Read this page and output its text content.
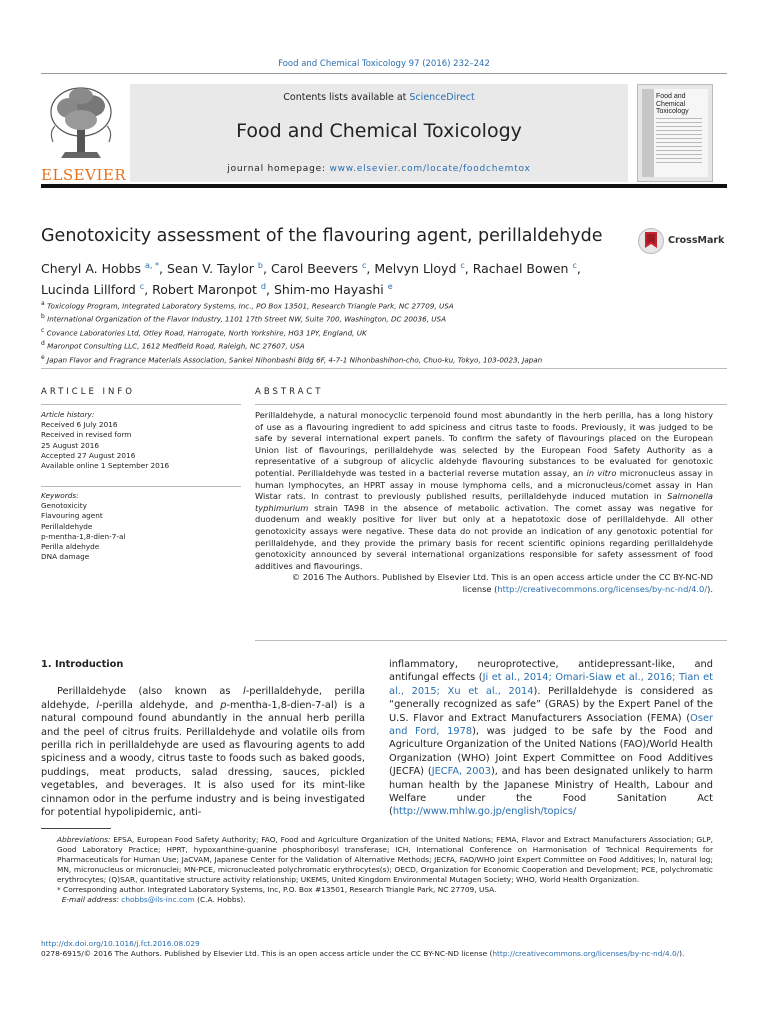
Food and Chemical Toxicology 97 (2016) 232–242
ELSEVIER
Contents lists available at ScienceDirect
Food and Chemical Toxicology
journal homepage: www.elsevier.com/locate/foodchemtox
Food and
Chemical
Toxicology
Genotoxicity assessment of the flavouring agent, perillaldehyde	CrossMark
Cheryl A. Hobbs $^{a, *}$, Sean V. Taylor $^b$, Carol Beevers $^c$, Melvyn Lloyd $^c$, Rachael Bowen $^c$,
Lucinda Lillford $^c$, Robert Maronpot $^d$, Shim-mo Hayashi $^e$
$^a$ Toxicology Program, Integrated Laboratory Systems, Inc., PO Box 13501, Research Triangle Park, NC 27709, USA
$^b$ International Organization of the Flavor Industry, 1101 17th Street NW, Suite 700, Washington, DC 20036, USA
$^c$ Covance Laboratories Ltd, Otley Road, Harrogate, North Yorkshire, HG3 1PY, England, UK
$^d$ Maronpot Consulting LLC, 1612 Medfield Road, Raleigh, NC 27607, USA
$^e$ Japan Flavor and Fragrance Materials Association, Sankei Nihonbashi Bldg 6F, 4-7-1 Nihonbashihon-cho, Chuo-ku, Tokyo, 103-0023, Japan
ARTICLE INFO
Article history:
Received 6 July 2016
Received in revised form
25 August 2016
Accepted 27 August 2016
Available online 1 September 2016
Keywords:
Genotoxicity
Flavouring agent
Perillaldehyde
p-mentha-1,8-dien-7-al
Perilla aldehyde
DNA damage
ABSTRACT

Perillaldehyde, a natural monocyclic terpenoid found most abundantly in the herb perilla, has a long history of use as a flavouring ingredient to add spiciness and citrus taste to foods. Previously, it was judged to be safe by several international expert panels. To confirm the safety of flavourings placed on the European Union list of flavourings, perillaldehyde was selected by the European Food Safety Authority as a representative of a subgroup of alicyclic aldehyde flavouring substances to be evaluated for genotoxic potential. Perillaldehyde was tested in a bacterial reverse mutation assay, an in vitro micronucleus assay in human lymphocytes, an HPRT assay in mouse lymphoma cells, and a micronucleus/comet assay in Han Wistar rats. In contrast to previously published results, perillaldehyde induced mutation in Salmonella typhimurium strain TA98 in the absence of metabolic activation. The comet assay was negative for duodenum and weakly positive for liver but only at a hepatotoxic dose of perillaldehyde. All other genotoxicity assays were negative. These data do not provide an indication of any genotoxic potential for perillaldehyde, and they provide the primary basis for recent scientific opinions regarding perillaldehyde genotoxicity announced by several international organizations responsible for safety assessment of food additives and flavourings.

© 2016 The Authors. Published by Elsevier Ltd. This is an open access article under the CC BY-NC-ND
license (http://creativecommons.org/licenses/by-nc-nd/4.0/).

1. Introduction

Perillaldehyde (also known as l-perillaldehyde, perilla aldehyde, l-perilla aldehyde, and p-mentha-1,8-dien-7-al) is a natural compound found abundantly in the annual herb perilla and the peel of citrus fruits. Perillaldehyde and volatile oils from perilla rich in perillaldehyde are used as flavouring agents to add spiciness and a woody, citrus taste to foods such as baked goods, puddings, meat products, salad dressing, sauces, pickled vegetables, and beverages. It is also used for its mint-like cinnamon odor in the perfume industry and is being investigated for potential hypolipidemic, anti-

inflammatory, neuroprotective, antidepressant-like, and antifungal effects (Ji et al., 2014; Omari-Siaw et al., 2016; Tian et al., 2015; Xu et al., 2014). Perillaldehyde is considered as “generally recognized as safe” (GRAS) by the Expert Panel of the U.S. Flavor and Extract Manufacturers Association (FEMA) (Oser and Ford, 1978), was judged to be safe by the Food and Agriculture Organization of the United Nations (FAO)/World Health Organization (WHO) Joint Expert Committee on Food Additives (JECFA) (JECFA, 2003), and has been designated unlikely to harm human health by the Japanese Ministry of Health, Labour and Welfare under the Food Sanitation Act (http://www.mhlw.go.jp/english/topics/

Abbreviations: EFSA, European Food Safety Authority; FAO, Food and Agriculture Organization of the United Nations; FEMA, Flavor and Extract Manufacturers Association; GLP, Good Laboratory Practice; HPRT, hypoxanthine-guanine phosphoribosyl transferase; ICH, International Conference on Harmonisation of Technical Requirements for Pharmaceuticals for Human Use; JaCVAM, Japanese Center for the Validation of Alternative Methods; JECFA, FAO/WHO Joint Expert Committee on Food Additives; ln, natural log; MN, micronucleus or micronuclei; MN-PCE, micronucleated polychromatic erythrocytes(s); OECD, Organization for Economic Cooperation and Development; PCE, polychromatic erythrocytes; (Q)SAR, quantitative structure activity relationship; UKEMS, United Kingdom Environmental Mutagen Society; WHO, World Health Organization.

* Corresponding author. Integrated Laboratory Systems, Inc, P.O. Box #13501, Research Triangle Park, NC 27709, USA.

E-mail address: chobbs@ils-inc.com (C.A. Hobbs).

http://dx.doi.org/10.1016/j.fct.2016.08.029
0278-6915/© 2016 The Authors. Published by Elsevier Ltd. This is an open access article under the CC BY-NC-ND license (http://creativecommons.org/licenses/by-nc-nd/4.0/).
